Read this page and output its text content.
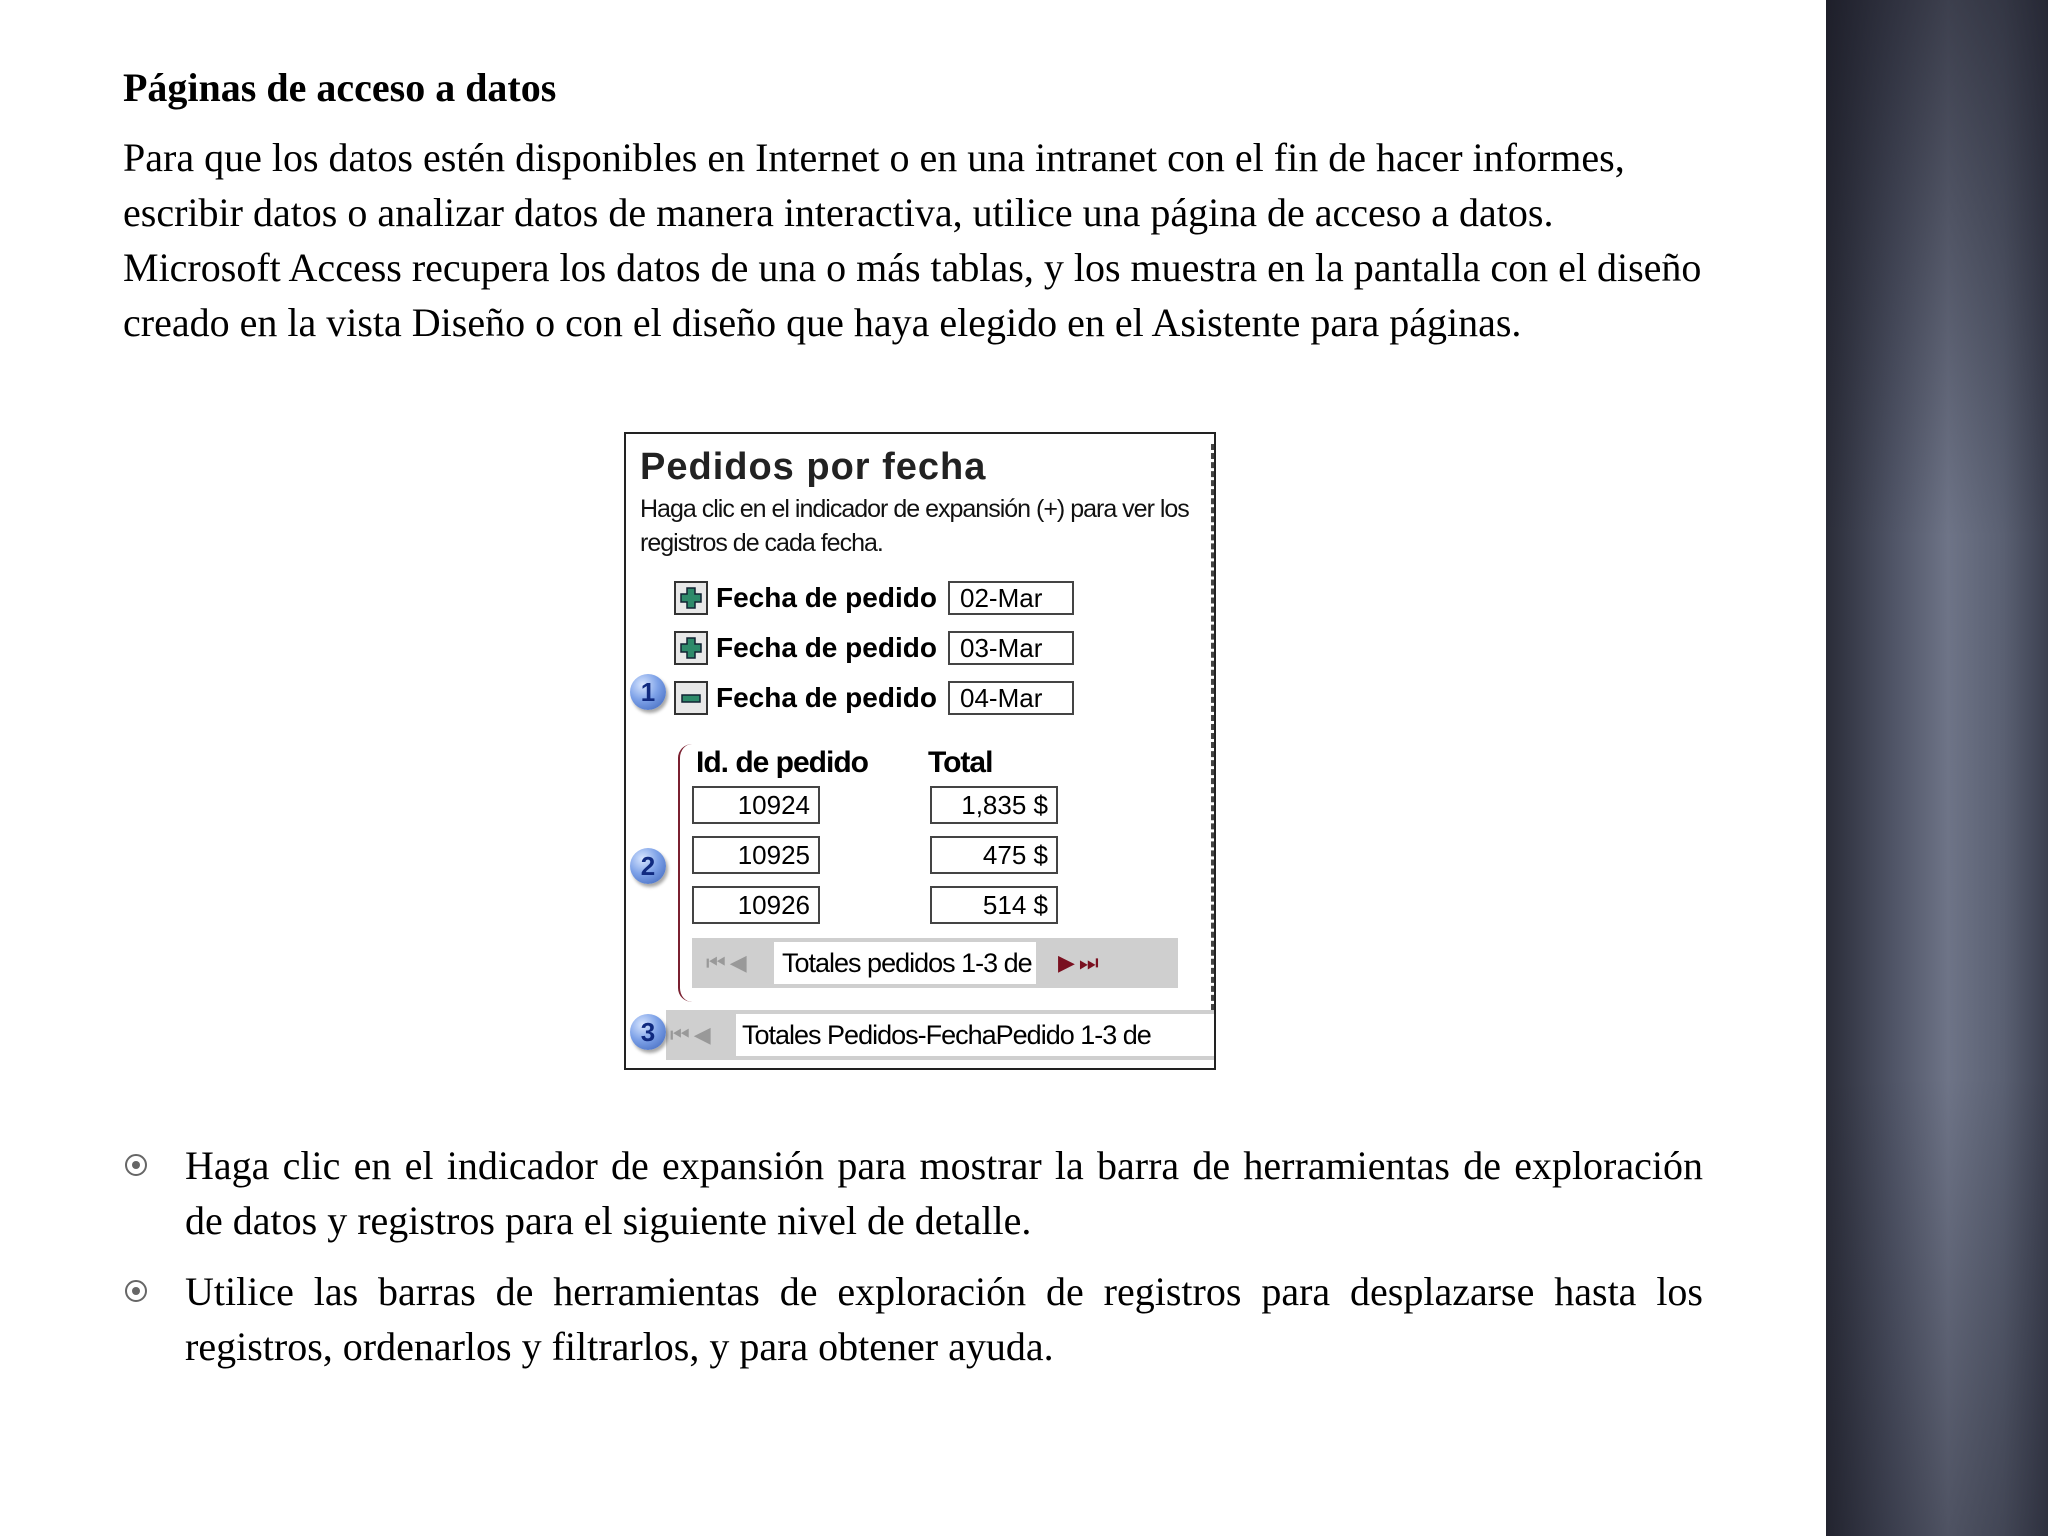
Páginas de acceso a datos

Para que los datos estén disponibles en Internet o en una intranet con el fin de hacer informes, escribir datos o analizar datos de manera interactiva, utilice una página de acceso a datos. Microsoft Access recupera los datos de una o más tablas, y los muestra en la pantalla con el diseño creado en la vista Diseño o con el diseño que haya elegido en el Asistente para páginas.

Pedidos por fecha
Haga clic en el indicador de expansión (+) para ver los registros de cada fecha.
Fecha de pedido 02-Mar
Fecha de pedido 03-Mar
Fecha de pedido 04-Mar
1
2
Id. de pedido Total
10924	1,835 $
10925	475 $
10926	514 $
⏮◀	Totales pedidos 1-3 de ▶⏭
⏮◀	Totales Pedidos-FechaPedido 1-3 de
3
Haga clic en el indicador de expansión para mostrar la barra de herramientas de exploración de datos y registros para el siguiente nivel de detalle.
Utilice las barras de herramientas de exploración de registros para desplazarse hasta los registros, ordenarlos y filtrarlos, y para obtener ayuda.
